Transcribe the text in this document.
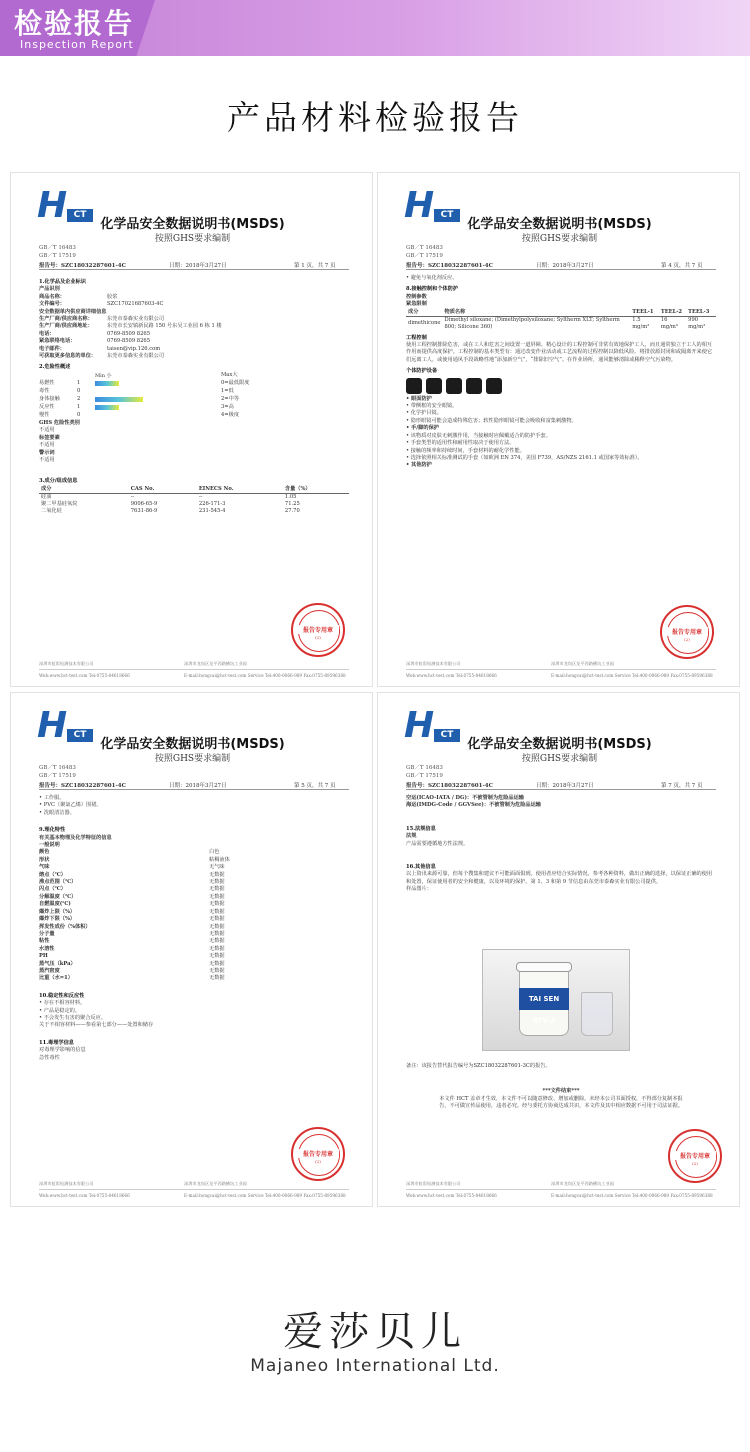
检验报告
Inspection Report
产品材料检验报告
H CT
化学品安全数据说明书(MSDS)
按照GHS要求编制
GB／T 16483
GB／T 17519
报告号：SZC18032287601-4C	日期：2018年3月27日	第 1 页，共 7 页
1.化学品及企业标识
产品识别
商品名称：	胶浆
文件编号：	SZC17021687603-4C
安全数据单内供应商详细信息
生产厂商/供应商名称：	东莞市泰森实业有限公司
生产厂商/供应商地址：	东莞市长安镇新民路 150 号东吴工业园 6 栋 1 楼
电话：	0769-8509 8265
紧急联络电话：	0769-8509 8265
电子邮件：	taisen@vip.126.com
可获取更多信息的单位：	东莞市泰森实业有限公司
2.危险性概述
Min 小	Max大
易燃性	1	0=最低限度
毒性	0	1=低
身体接触	2	2=中等
反应性	1	3=高
慢性	0	4=极度
GHS 危险性类别
不适用
标签要素
不适用
警示词
不适用
3.成分/组成信息
成分	CAS No.	EINECS No.	含量（%）
硅油	--	--	1.05
聚二甲基硅氧烷	9006-65-9	226-171-3	71.25
二氧化硅	7631-86-9	231-545-4	27.70
报告专用章
(2)
深圳市虹彩检测技术有限公司	深圳市龙岗区龙平西路横坑工业园
Web:www.hct-test.com Tel:0755-84618666	E-mail:hongcai@hct-test.com Service Tel:400-0066-989 Fax:0755-89596388
H CT
化学品安全数据说明书(MSDS)
按照GHS要求编制
GB／T 16483
GB／T 17519
报告号：SZC18032287601-4C	日期：2018年3月27日	第 4 页，共 7 页
• 避免与氧化剂反应。
8.接触控制和个体防护
控制参数
紧急限制
成分	物质名称	TEEL-1	TEEL-2	TEEL-3
dimethicone	Dimethyl siloxane; (Dimethylpolysiloxane; Syltherm XLT; Syltherm 800; Silicone 360)	1.5 mg/m³	16 mg/m³	990 mg/m³
工程控制
使用工程控制排除危害，或在工人和危害之间设置一道屏障。精心设计的工程控制可非常有效地保护工人，而且通常独立于工人的相互作用而提供高度保护。工程控制的基本类型有：通过改变作业活动或工艺流程的过程控制以降低风险。将排放源封闭和或隔离开来使它们远离工人，或使用通风手段战略性地“添加新空气”，“排除旧空气”。在作业场所，通风能够清除或稀释空气污染物。
个体防护设备
• 眼面防护
• 带侧框的安全眼镜。
• 化学护目镜。
• 隐形眼镜可能会造成特殊危害；软性隐形眼镜可能会吸收和富集刺激物。
• 手/脚的保护
• 该物质对皮肤无刺激作用，当接触时应佩戴适合的防护手套。
• 手套类型的适用性和耐用性取决于使用方法。
• 接触的频率和持续时间，手套材料的耐化学性能。
• 选择依照相关标准测试的手套（如欧洲 EN 374，美国 F739，AS/NZS 2161.1 或国家等效标准）。
• 其他防护
报告专用章
(2)
深圳市虹彩检测技术有限公司	深圳市龙岗区龙平西路横坑工业园
Web:www.hct-test.com Tel:0755-84618666	E-mail:hongcai@hct-test.com Service Tel:400-0066-989 Fax:0755-89596388
H CT
化学品安全数据说明书(MSDS)
按照GHS要求编制
GB／T 16483
GB／T 17519
报告号：SZC18032287601-4C	日期：2018年3月27日	第 5 页，共 7 页
• 工作服。
• PVC（聚氯乙烯）围裙。
• 洗眼清洁器。
9.理化特性
有关基本物理及化学特征的信息
一般说明
颜色	白色
形状	粘稠液体
气味	无气味
熔点（℃）	无数据
沸点范围（℃）	无数据
闪点（℃）	无数据
分解温度（℃）	无数据
自燃温度(℃)	无数据
爆炸上限（%）	无数据
爆炸下限（%）	无数据
挥发性成份（%体积）	无数据
分子量	无数据
粘性	无数据
水溶性	无数据
PH	无数据
蒸气压（kPa）	无数据
蒸汽密度	无数据
比重（水=1）	无数据
10.稳定性和反应性
• 存在不相容材料。
• 产品是稳定的。
• 不会发生有害的聚合反应。
关于不相容材料——参看第七部分——处置和储存
11.毒理学信息
对毒理学影响的信息
急性毒性
报告专用章
(2)
深圳市虹彩检测技术有限公司	深圳市龙岗区龙平西路横坑工业园
Web:www.hct-test.com Tel:0755-84618666	E-mail:hongcai@hct-test.com Service Tel:400-0066-989 Fax:0755-89596388
H CT
化学品安全数据说明书(MSDS)
按照GHS要求编制
GB／T 16483
GB／T 17519
报告号：SZC18032287601-4C	日期：2018年3月27日	第 7 页，共 7 页
空运(ICAO-IATA / DG)：不被管制为危险品运输
海运(IMDG-Code / GGVSee)：不被管制为危险品运输
15.法规信息
法规
产品需要遵循地方性法规。
16.其他信息
以上资讯来源可靠，但每个搜集和建议不可能面面俱到。使用者应结合实际情况，参考各种资料，做出正确的选择，以保证正确的使用和处置，保证使用者的安全和健康，以及环境的保护。第 1、3 和第 9 节信息由东莞市泰森实业有限公司提供。
样品图片：
TAI SEN RTV-2
备注：该报告替代报告编号为SZC18032287601-3C的报告。
***文件结束***
本文件 HCT 盖章才生效，本文件不可以随意修改、增加或删除。未经本公司书面授权，不得部分复制本报告，不可做宣传品使用，违者必究。经与委托方协商达成共识，本文件及其中相应数据不可用于司法证据。
报告专用章
(2)
深圳市虹彩检测技术有限公司	深圳市龙岗区龙平西路横坑工业园
Web:www.hct-test.com Tel:0755-84618666	E-mail:hongcai@hct-test.com Service Tel:400-0066-989 Fax:0755-89596388
爱莎贝儿
Majaneo International Ltd.
